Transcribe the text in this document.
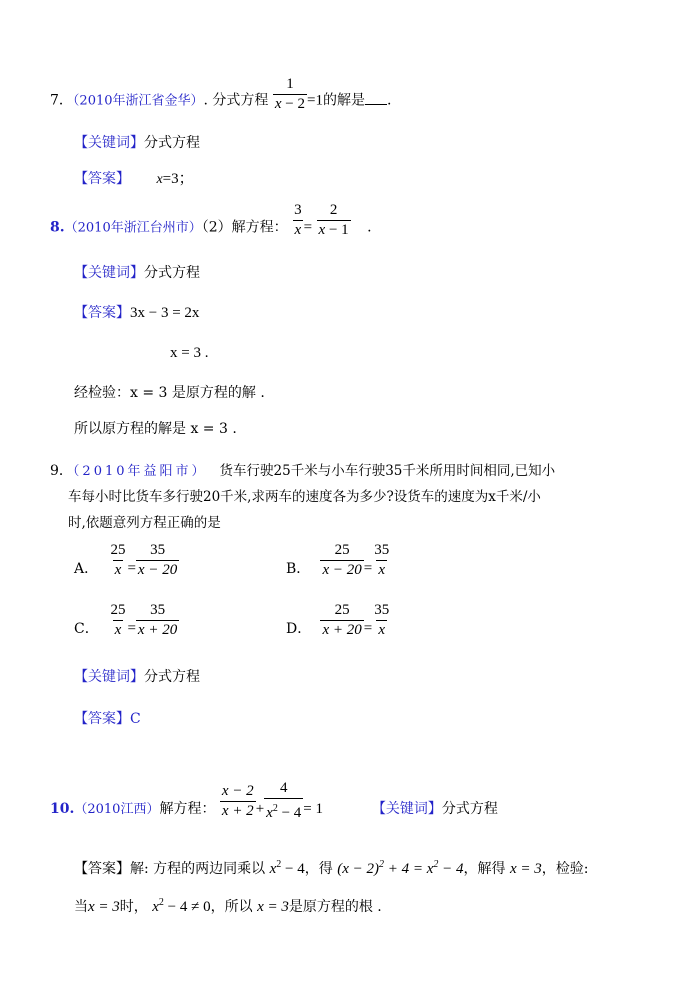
7．（2010年浙江省金华）. 分式方程 $\frac{1}{x - 2} =1$的解是 .
【关键词】分式方程
【答案】 x=3；
8.（2010年浙江台州市）（2）解方程： $\frac{3}{x} = \frac{2}{x - 1}$ .
【关键词】分式方程
【答案】3x − 3 = 2x
x = 3 .
经检验：x = 3 是原方程的解 .
所以原方程的解是 x = 3 .
9．（2010年益阳市） 货车行驶25千米与小车行驶35千米所用时间相同,已知小
车每小时比货车多行驶20千米,求两车的速度各为多少?设货车的速度为x千米/小
时,依题意列方程正确的是
A． $\frac{25}{x} = \frac{35}{x - 20}$	B． $\frac{25}{x - 20} = \frac{35}{x}$
C． $\frac{25}{x} = \frac{35}{x + 20}$	D． $\frac{25}{x + 20} = \frac{35}{x}$
【关键词】分式方程
【答案】C
10.（2010江西）解方程： $\frac{x - 2}{x + 2} + \frac{4}{x^2 - 4} = 1$	【关键词】分式方程
【答案】解: 方程的两边同乘以 $x^2 - 4$，得 $(x - 2)^2 + 4 = x^2 - 4$，解得 x = 3，检验:
当x = 3时， $x^2 - 4 \ne 0$，所以 x = 3是原方程的根 .
